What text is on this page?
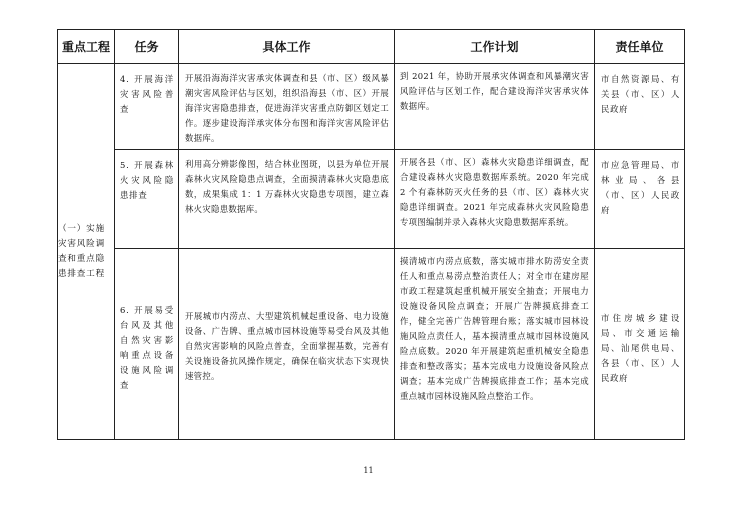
重点工程	任务	具体工作	工作计划	责任单位
（一）实施灾害风险调查和重点隐患排查工程	4. 开展海洋灾害风险普查	开展沿海海洋灾害承灾体调查和县（市、区）级风暴潮灾害风险评估与区划，组织沿海县（市、区）开展海洋灾害隐患排查，促进海洋灾害重点防御区划定工作。逐步建设海洋承灾体分布图和海洋灾害风险评估数据库。	到 2021 年，协助开展承灾体调查和风暴潮灾害风险评估与区划工作，配合建设海洋灾害承灾体数据库。	市自然资源局、有关县（市、区）人民政府

	5. 开展森林火灾风险隐患排查	利用高分辨影像图，结合林业图斑，以县为单位开展森林火灾风险隐患点调查，全面摸清森林火灾隐患底数，成果集成 1：1 万森林火灾隐患专项图，建立森林火灾隐患数据库。	开展各县（市、区）森林火灾隐患详细调查，配合建设森林火灾隐患数据库系统。2020 年完成 2 个有森林防灭火任务的县（市、区）森林火灾隐患详细调查。2021 年完成森林火灾风险隐患专项图编制并录入森林火灾隐患数据库系统。	市应急管理局、市林业局、各县（市、区）人民政府

	6. 开展易受台风及其他自然灾害影响重点设备设施风险调查	开展城市内涝点、大型建筑机械起重设备、电力设施设备、广告牌、重点城市园林设施等易受台风及其他自然灾害影响的风险点普查，全面掌握基数，完善有关设施设备抗风操作规定，确保在临灾状态下实现快速管控。	摸清城市内涝点底数，落实城市排水防涝安全责任人和重点易涝点整治责任人；对全市在建房屋市政工程建筑起重机械开展安全抽查；开展电力设施设备风险点调查；开展广告牌摸底排查工作，健全完善广告牌管理台账；落实城市园林设施风险点责任人，基本摸清重点城市园林设施风险点底数。2020 年开展建筑起重机械安全隐患排查和整改落实；基本完成电力设施设备风险点调查；基本完成广告牌摸底排查工作；基本完成重点城市园林设施风险点整治工作。	市住房城乡建设局、市交通运输局、汕尾供电局、各县（市、区）人民政府
11
